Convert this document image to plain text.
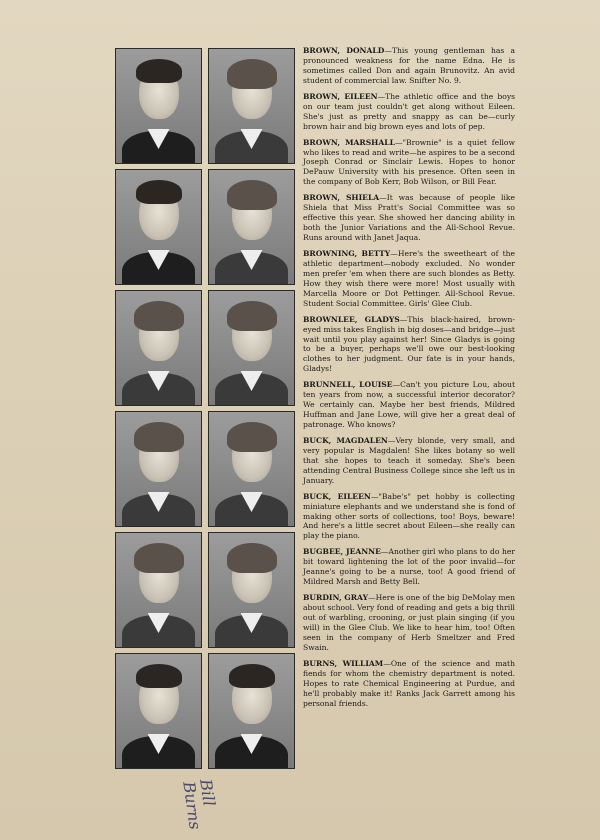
BROWN, DONALD—This young gentleman has a pronounced weakness for the name Edna. He is sometimes called Don and again Brunovitz. An avid student of commercial law. Snifter No. 9.

BROWN, EILEEN—The athletic office and the boys on our team just couldn't get along without Eileen. She's just as pretty and snappy as can be—curly brown hair and big brown eyes and lots of pep.

BROWN, MARSHALL—"Brownie" is a quiet fellow who likes to read and write—he aspires to be a second Joseph Conrad or Sinclair Lewis. Hopes to honor DePauw University with his presence. Often seen in the company of Bob Kerr, Bob Wilson, or Bill Fear.

BROWN, SHIELA—It was because of people like Shiela that Miss Pratt's Social Committee was so effective this year. She showed her dancing ability in both the Junior Variations and the All-School Revue. Runs around with Janet Jaqua.

BROWNING, BETTY—Here's the sweetheart of the athletic department—nobody excluded. No wonder men prefer 'em when there are such blondes as Betty. How they wish there were more! Most usually with Marcella Moore or Dot Pettinger. All-School Revue. Student Social Committee. Girls' Glee Club.

BROWNLEE, GLADYS—This black-haired, brown-eyed miss takes English in big doses—and bridge—just wait until you play against her! Since Gladys is going to be a buyer, perhaps we'll owe our best-looking clothes to her judgment. Our fate is in your hands, Gladys!

BRUNNELL, LOUISE—Can't you picture Lou, about ten years from now, a successful interior decorator? We certainly can. Maybe her best friends, Mildred Huffman and Jane Lowe, will give her a great deal of patronage. Who knows?

BUCK, MAGDALEN—Very blonde, very small, and very popular is Magdalen! She likes botany so well that she hopes to teach it someday. She's been attending Central Business College since she left us in January.

BUCK, EILEEN—"Babe's" pet hobby is collecting miniature elephants and we understand she is fond of making other sorts of collections, too! Boys, beware! And here's a little secret about Eileen—she really can play the piano.

BUGBEE, JEANNE—Another girl who plans to do her bit toward lightening the lot of the poor invalid—for Jeanne's going to be a nurse, too! A good friend of Mildred Marsh and Betty Bell.

BURDIN, GRAY—Here is one of the big DeMolay men about school. Very fond of reading and gets a big thrill out of warbling, crooning, or just plain singing (if you will) in the Glee Club. We like to hear him, too! Often seen in the company of Herb Smeltzer and Fred Swain.

BURNS, WILLIAM—One of the science and math fiends for whom the chemistry department is noted. Hopes to rate Chemical Engineering at Purdue, and he'll probably make it! Ranks Jack Garrett among his personal friends.

Bill
Burns
